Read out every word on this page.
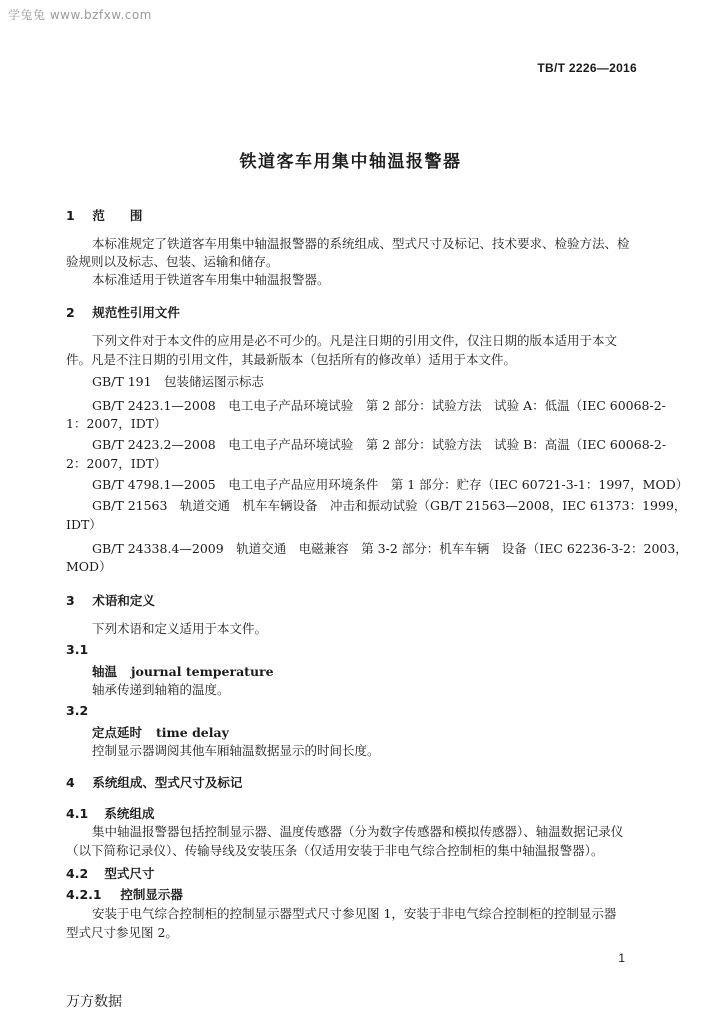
学兔兔 www.bzfxw.com
TB/T 2226—2016
铁道客车用集中轴温报警器
1 范　　围
本标准规定了铁道客车用集中轴温报警器的系统组成、型式尺寸及标记、技术要求、检验方法、检
验规则以及标志、包装、运输和储存。
本标准适用于铁道客车用集中轴温报警器。
2 规范性引用文件
下列文件对于本文件的应用是必不可少的。凡是注日期的引用文件，仅注日期的版本适用于本文
件。凡是不注日期的引用文件，其最新版本（包括所有的修改单）适用于本文件。
GB/T 191　包装储运图示标志
GB/T 2423.1—2008　电工电子产品环境试验　第 2 部分：试验方法　试验 A：低温（IEC 60068-2-
1：2007，IDT）
GB/T 2423.2—2008　电工电子产品环境试验　第 2 部分：试验方法　试验 B：高温（IEC 60068-2-
2：2007，IDT）
GB/T 4798.1—2005　电工电子产品应用环境条件　第 1 部分：贮存（IEC 60721-3-1：1997，MOD）
GB/T 21563　轨道交通　机车车辆设备　冲击和振动试验（GB/T 21563—2008，IEC 61373：1999，
IDT）
GB/T 24338.4—2009　轨道交通　电磁兼容　第 3-2 部分：机车车辆　设备（IEC 62236-3-2：2003，
MOD）
3 术语和定义
下列术语和定义适用于本文件。
3.1
轴温 journal temperature
轴承传递到轴箱的温度。
3.2
定点延时 time delay
控制显示器调阅其他车厢轴温数据显示的时间长度。
4 系统组成、型式尺寸及标记
4.1 系统组成
集中轴温报警器包括控制显示器、温度传感器（分为数字传感器和模拟传感器）、轴温数据记录仪
（以下简称记录仪）、传输导线及安装压条（仅适用安装于非电气综合控制柜的集中轴温报警器）。
4.2 型式尺寸
4.2.1 控制显示器
安装于电气综合控制柜的控制显示器型式尺寸参见图 1，安装于非电气综合控制柜的控制显示器
型式尺寸参见图 2。
1
万方数据
